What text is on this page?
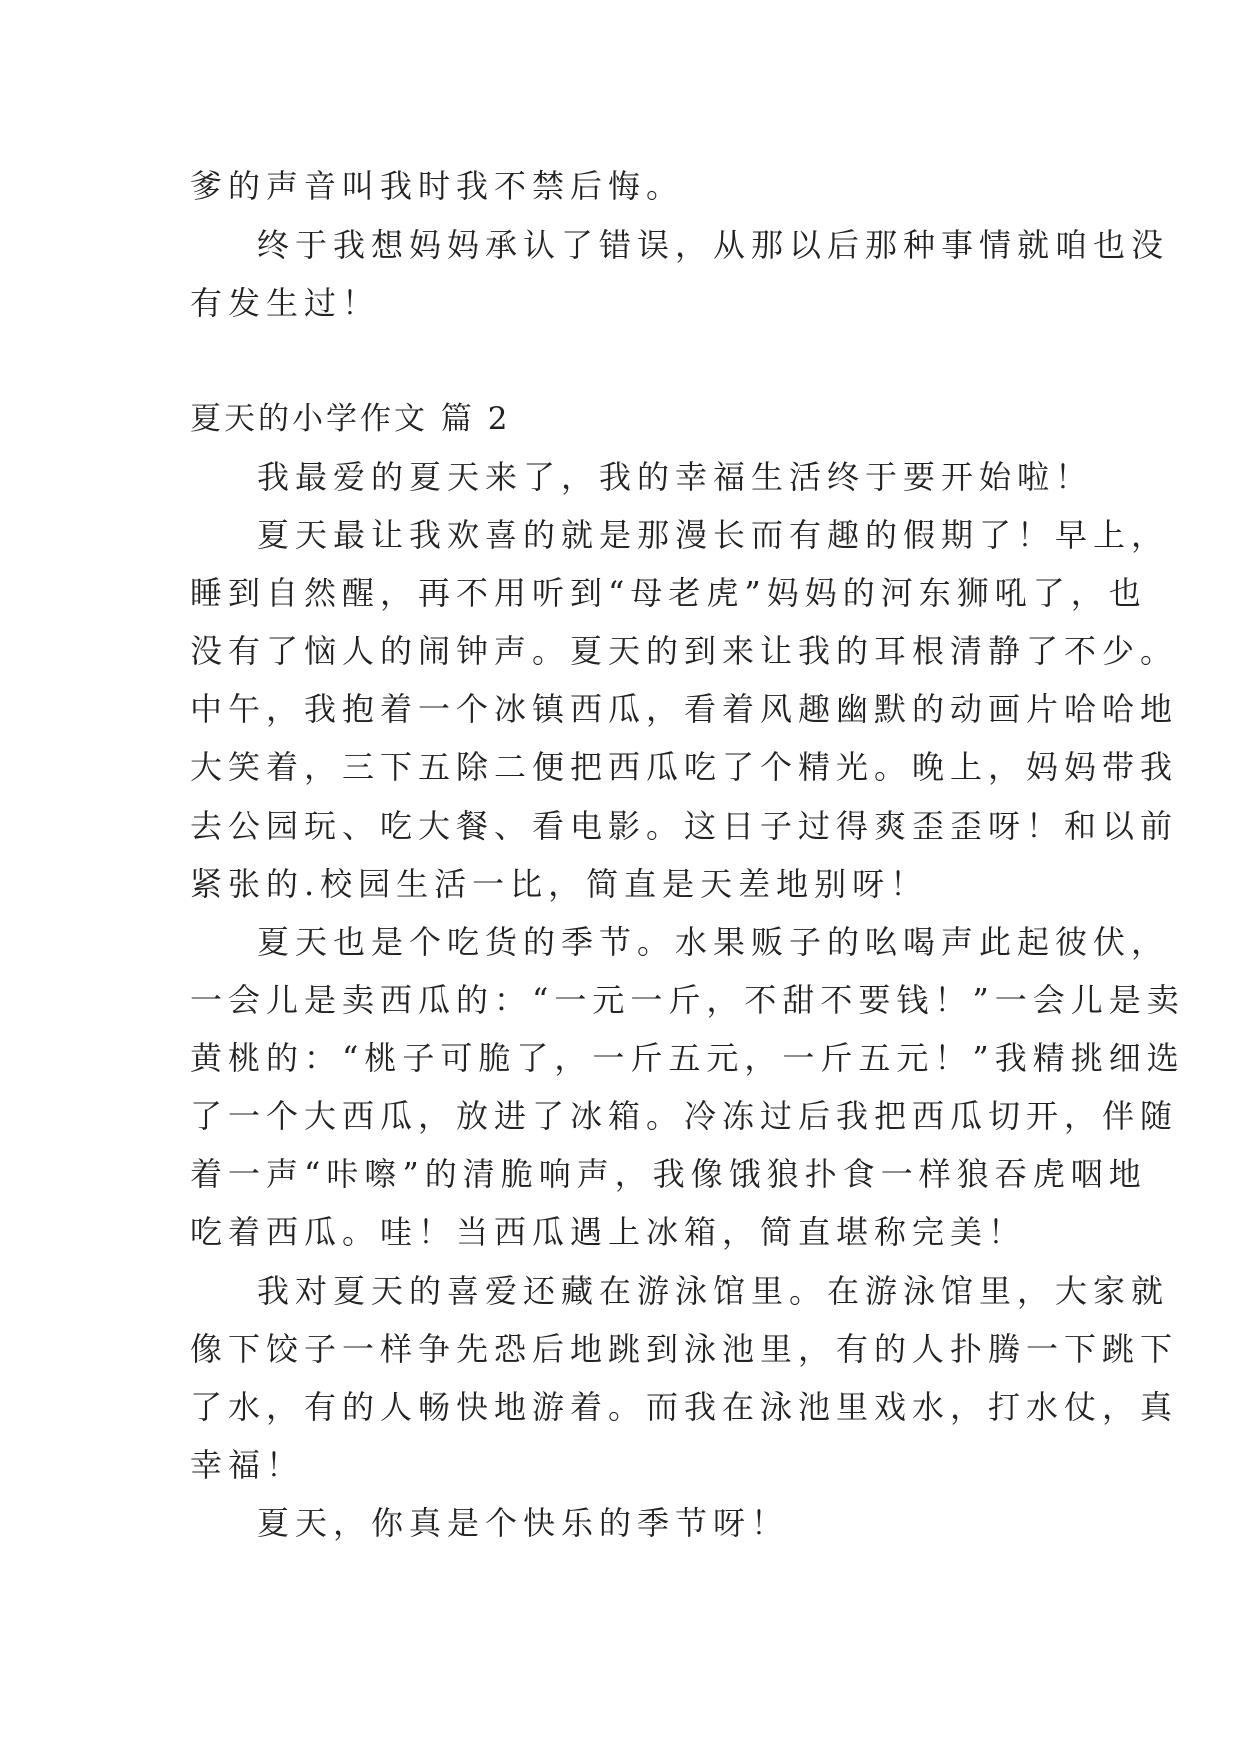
爹的声音叫我时我不禁后悔。
终于我想妈妈承认了错误，从那以后那种事情就咱也没
有发生过！
夏天的小学作文 篇 2
我最爱的夏天来了，我的幸福生活终于要开始啦！
夏天最让我欢喜的就是那漫长而有趣的假期了！早上，
睡到自然醒，再不用听到“母老虎”妈妈的河东狮吼了，也
没有了恼人的闹钟声。夏天的到来让我的耳根清静了不少。
中午，我抱着一个冰镇西瓜，看着风趣幽默的动画片哈哈地
大笑着，三下五除二便把西瓜吃了个精光。晚上，妈妈带我
去公园玩、吃大餐、看电影。这日子过得爽歪歪呀！和以前
紧张的.校园生活一比，简直是天差地别呀！
夏天也是个吃货的季节。水果贩子的吆喝声此起彼伏，
一会儿是卖西瓜的：“一元一斤，不甜不要钱！”一会儿是卖
黄桃的：“桃子可脆了，一斤五元，一斤五元！”我精挑细选
了一个大西瓜，放进了冰箱。冷冻过后我把西瓜切开，伴随
着一声“咔嚓”的清脆响声，我像饿狼扑食一样狼吞虎咽地
吃着西瓜。哇！当西瓜遇上冰箱，简直堪称完美！
我对夏天的喜爱还藏在游泳馆里。在游泳馆里，大家就
像下饺子一样争先恐后地跳到泳池里，有的人扑腾一下跳下
了水，有的人畅快地游着。而我在泳池里戏水，打水仗，真
幸福！
夏天，你真是个快乐的季节呀！
